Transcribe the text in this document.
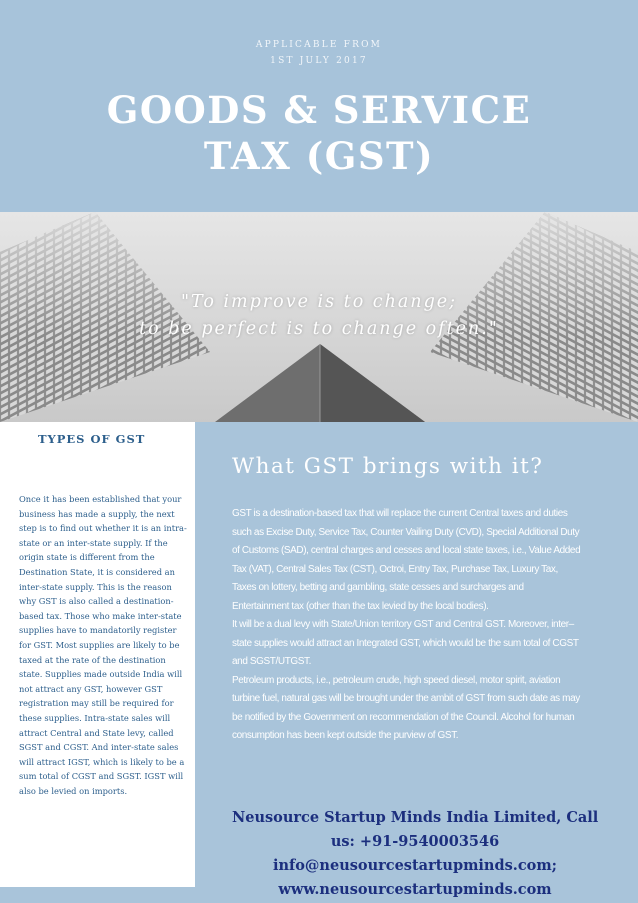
APPLICABLE FROM
1ST JULY 2017
GOODS & SERVICE
TAX (GST)
"To improve is to change;
to be perfect is to change often."
TYPES OF GST

Once it has been established that your business has made a supply, the next step is to find out whether it is an intra-state or an inter-state supply. If the origin state is different from the Destination State, it is considered an inter-state supply. This is the reason why GST is also called a destination-based tax. Those who make inter-state supplies have to mandatorily register for GST. Most supplies are likely to be taxed at the rate of the destination state. Supplies made outside India will not attract any GST, however GST registration may still be required for these supplies. Intra-state sales will attract Central and State levy, called SGST and CGST. And inter-state sales will attract IGST, which is likely to be a sum total of CGST and SGST. IGST will also be levied on imports.

What GST brings with it?

GST is a destination-based tax that will replace the current Central taxes and duties such as Excise Duty, Service Tax, Counter Vailing Duty (CVD), Special Additional Duty of Customs (SAD), central charges and cesses and local state taxes, i.e., Value Added Tax (VAT), Central Sales Tax (CST), Octroi, Entry Tax, Purchase Tax, Luxury Tax, Taxes on lottery, betting and gambling, state cesses and surcharges and Entertainment tax (other than the tax levied by the local bodies).

It will be a dual levy with State/Union territory GST and Central GST. Moreover, inter–state supplies would attract an Integrated GST, which would be the sum total of CGST and SGST/UTGST.

Petroleum products, i.e., petroleum crude, high speed diesel, motor spirit, aviation turbine fuel, natural gas will be brought under the ambit of GST from such date as may be notified by the Government on recommendation of the Council. Alcohol for human consumption has been kept outside the purview of GST.

Neusource Startup Minds India Limited, Call
us: +91-9540003546
info@neusourcestartupminds.com;
www.neusourcestartupminds.com
